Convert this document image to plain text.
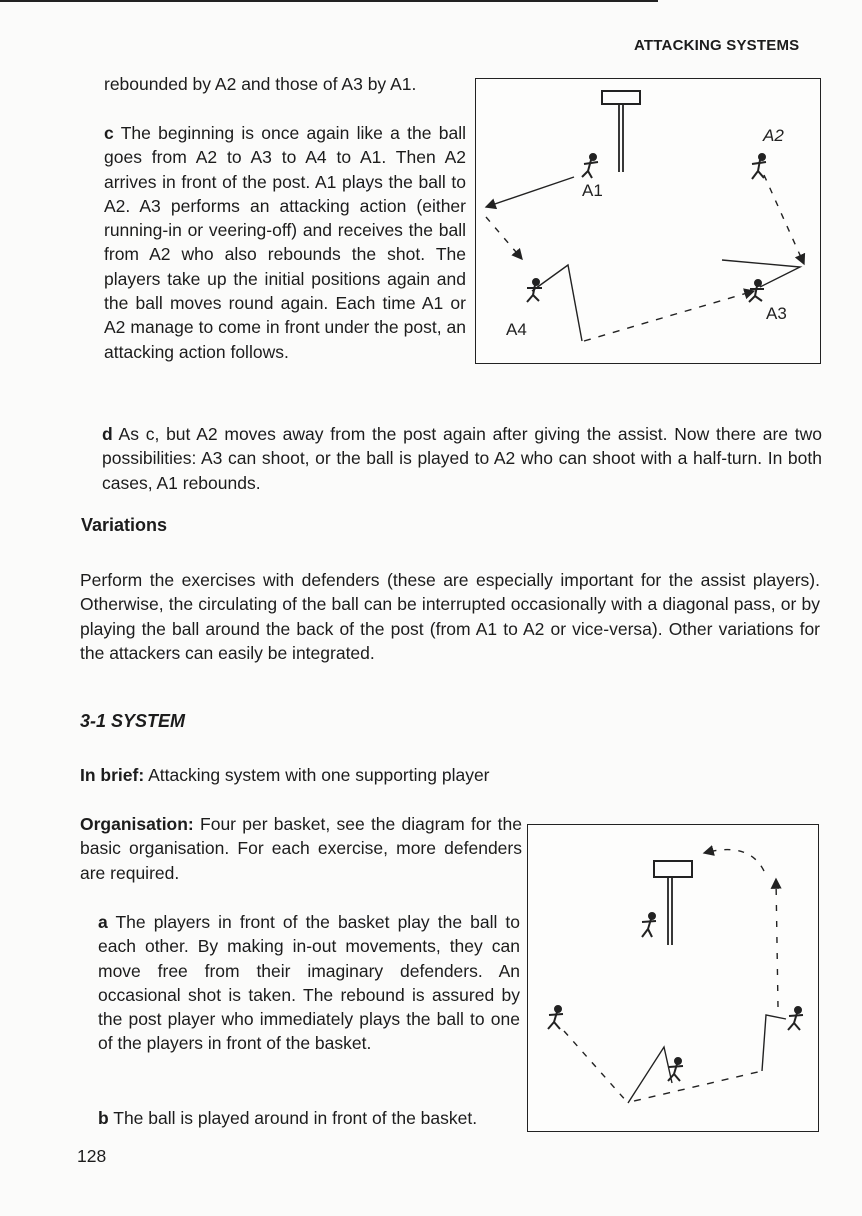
ATTACKING SYSTEMS

rebounded by A2 and those of A3 by A1.

c The beginning is once again like a the ball goes from A2 to A3 to A4 to A1. Then A2 arrives in front of the post. A1 plays the ball to A2. A3 performs an attacking action (either running-in or veering-off) and receives the ball from A2 who also rebounds the shot. The players take up the initial positions again and the ball moves round again. Each time A1 or A2 manage to come in front under the post, an attacking action follows.

d As c, but A2 moves away from the post again after giving the assist. Now there are two possibilities: A3 can shoot, or the ball is played to A2 who can shoot with a half-turn. In both cases, A1 rebounds.

Variations

Perform the exercises with defenders (these are especially important for the assist players). Otherwise, the circulating of the ball can be interrupted occasionally with a diagonal pass, or by playing the ball around the back of the post (from A1 to A2 or vice-versa). Other variations for the attackers can easily be integrated.

3-1 SYSTEM

In brief: Attacking system with one supporting player

Organisation: Four per basket, see the diagram for the basic organisation. For each exercise, more defenders are required.

a The players in front of the basket play the ball to each other. By making in-out movements, they can move free from their imaginary defenders. An occasional shot is taken. The rebound is assured by the post player who immediately plays the ball to one of the players in front of the basket.

b The ball is played around in front of the basket.

A1
A2
A3
A4
128
